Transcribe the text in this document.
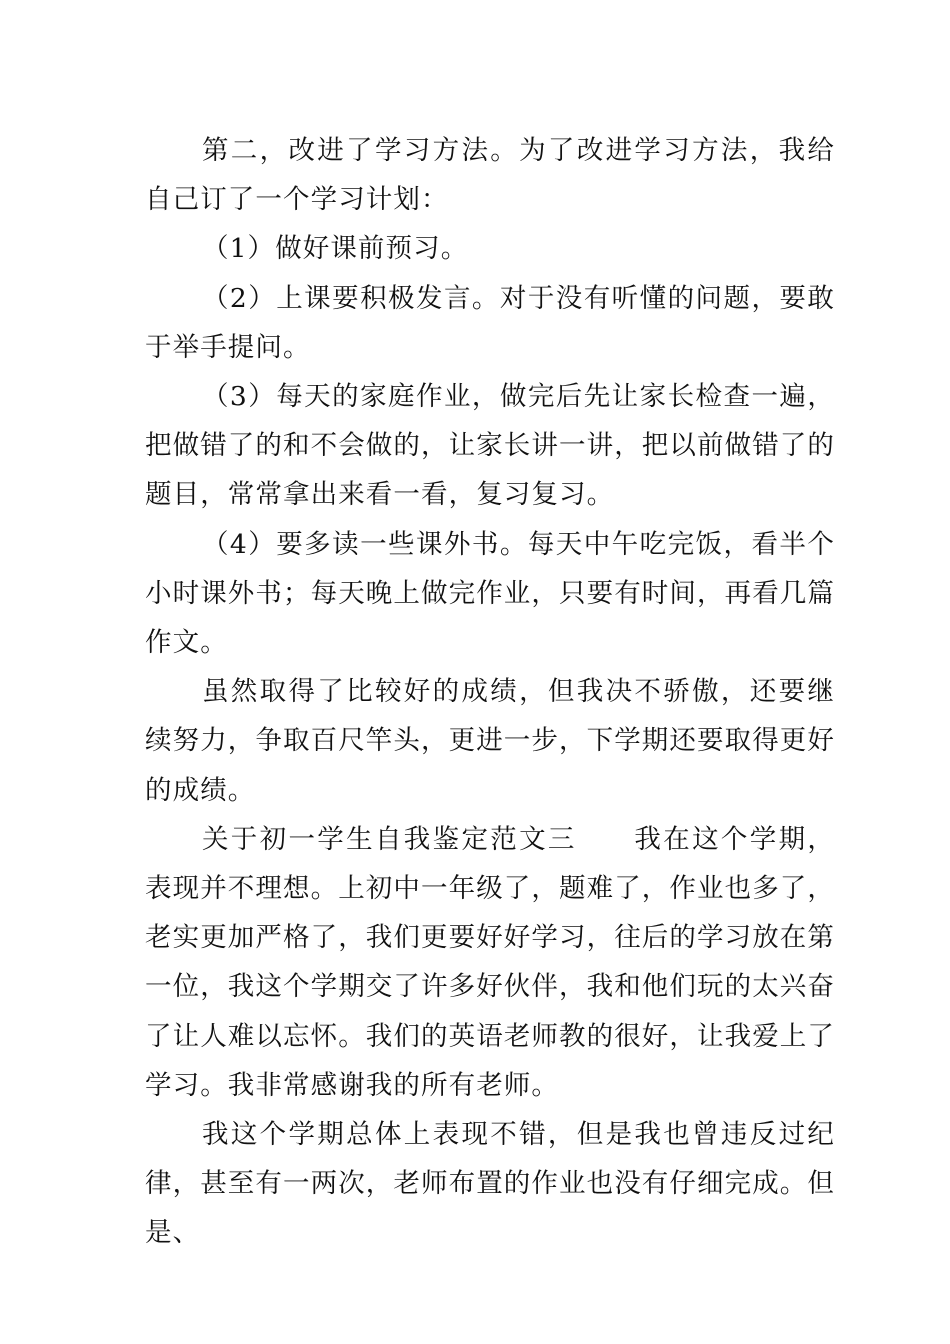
第二，改进了学习方法。为了改进学习方法，我给自己订了一个学习计划：

（1）做好课前预习。

（2）上课要积极发言。对于没有听懂的问题，要敢于举手提问。

（3）每天的家庭作业，做完后先让家长检查一遍，把做错了的和不会做的，让家长讲一讲，把以前做错了的题目，常常拿出来看一看，复习复习。

（4）要多读一些课外书。每天中午吃完饭，看半个小时课外书；每天晚上做完作业，只要有时间，再看几篇作文。

虽然取得了比较好的成绩，但我决不骄傲，还要继续努力，争取百尺竿头，更进一步，下学期还要取得更好的成绩。

关于初一学生自我鉴定范文三　　我在这个学期，表现并不理想。上初中一年级了，题难了，作业也多了，老实更加严格了，我们更要好好学习，往后的学习放在第一位，我这个学期交了许多好伙伴，我和他们玩的太兴奋了让人难以忘怀。我们的英语老师教的很好，让我爱上了学习。我非常感谢我的所有老师。

我这个学期总体上表现不错，但是我也曾违反过纪律，甚至有一两次，老师布置的作业也没有仔细完成。但是、
